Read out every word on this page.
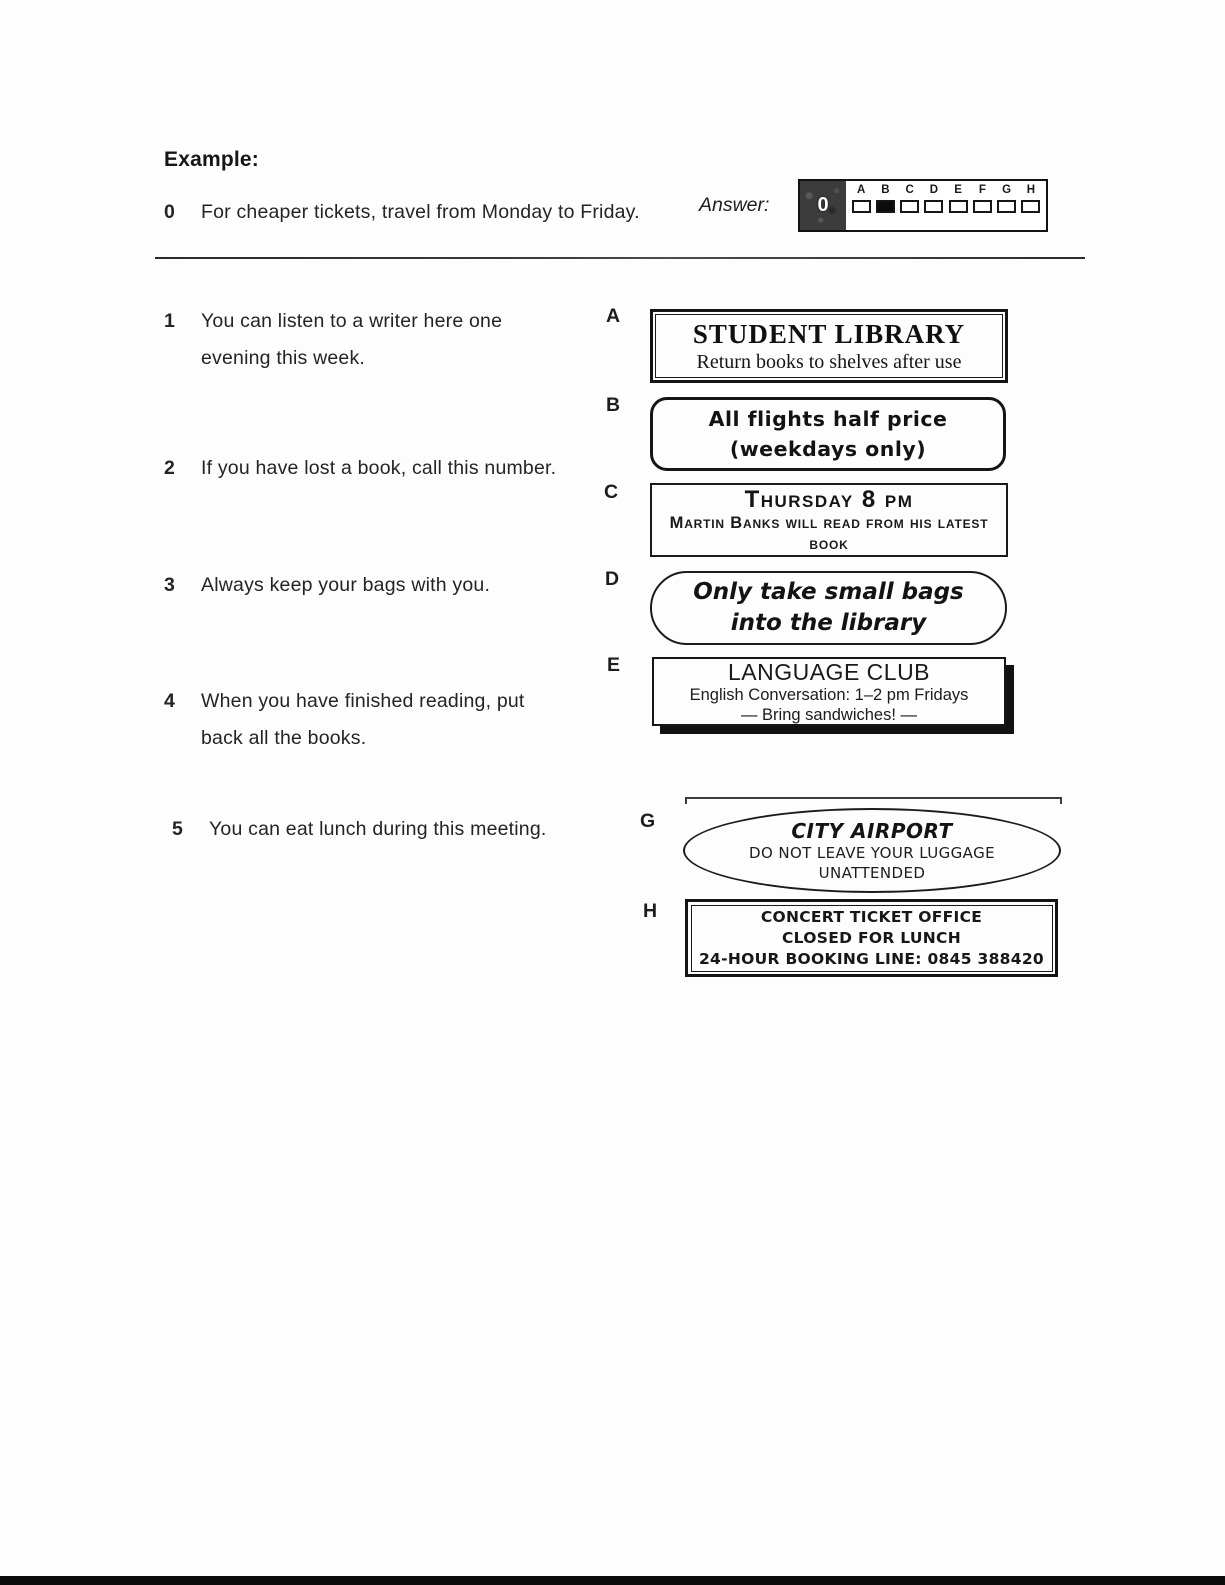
Example:
0	For cheaper tickets, travel from Monday to Friday.	Answer:	0
A B C D E F G H
1	You can listen to a writer here one
evening this week.
2	If you have lost a book, call this number.
3	Always keep your bags with you.
4	When you have finished reading, put
back all the books.
5	You can eat lunch during this meeting.
A
B
C
D
E
G
H
STUDENT LIBRARY
Return books to shelves after use
All flights half price
(weekdays only)
Thursday 8 pm
Martin Banks will read from his latest book
Only take small bags
into the library
LANGUAGE CLUB
English Conversation: 1–2 pm Fridays
— Bring sandwiches! —
CITY AIRPORT
DO NOT LEAVE YOUR LUGGAGE
UNATTENDED
CONCERT TICKET OFFICE
CLOSED FOR LUNCH
24-HOUR BOOKING LINE: 0845 388420
